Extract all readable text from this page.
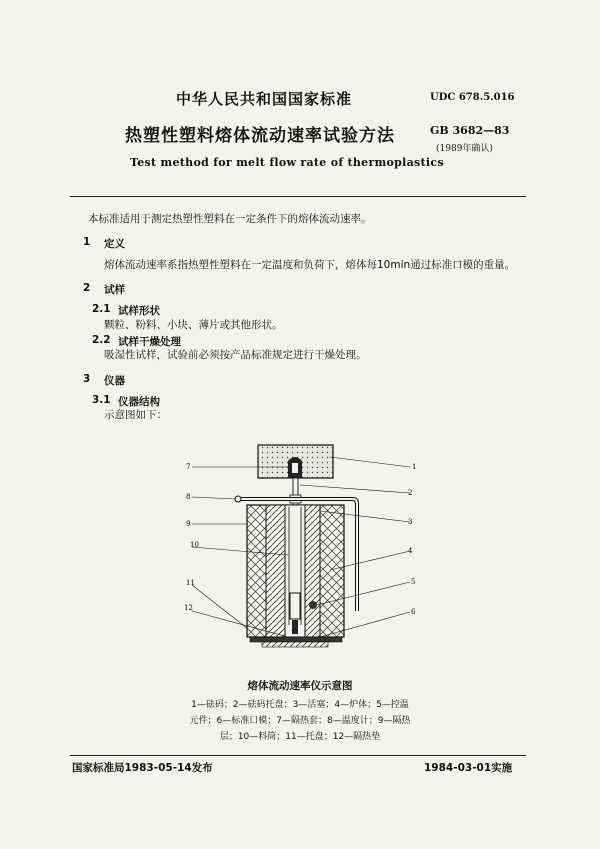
中华人民共和国国家标准	UDC 678.5.016
热塑性塑料熔体流动速率试验方法	GB 3682—83
(1989年确认)
Test method for melt flow rate of thermoplastics
本标准适用于测定热塑性塑料在一定条件下的熔体流动速率。
1 定义
熔体流动速率系指热塑性塑料在一定温度和负荷下，熔体每10min通过标准口模的重量。
2 试样
2.1 试样形状
颗粒、粉料、小块、薄片或其他形状。
2.2 试样干燥处理
吸湿性试样，试验前必须按产品标准规定进行干燥处理。
3 仪器
3.1 仪器结构
示意图如下：
7
8
9
10
11
12
1
2
3
4
5
6
熔体流动速率仪示意图
1—砝码；2—砝码托盘；3—活塞；4—炉体；5—控温
元件；6—标准口模；7—隔热套；8—温度计；9—隔热
层；10—料筒；11—托盘；12—隔热垫
国家标准局1983-05-14发布	1984-03-01实施
